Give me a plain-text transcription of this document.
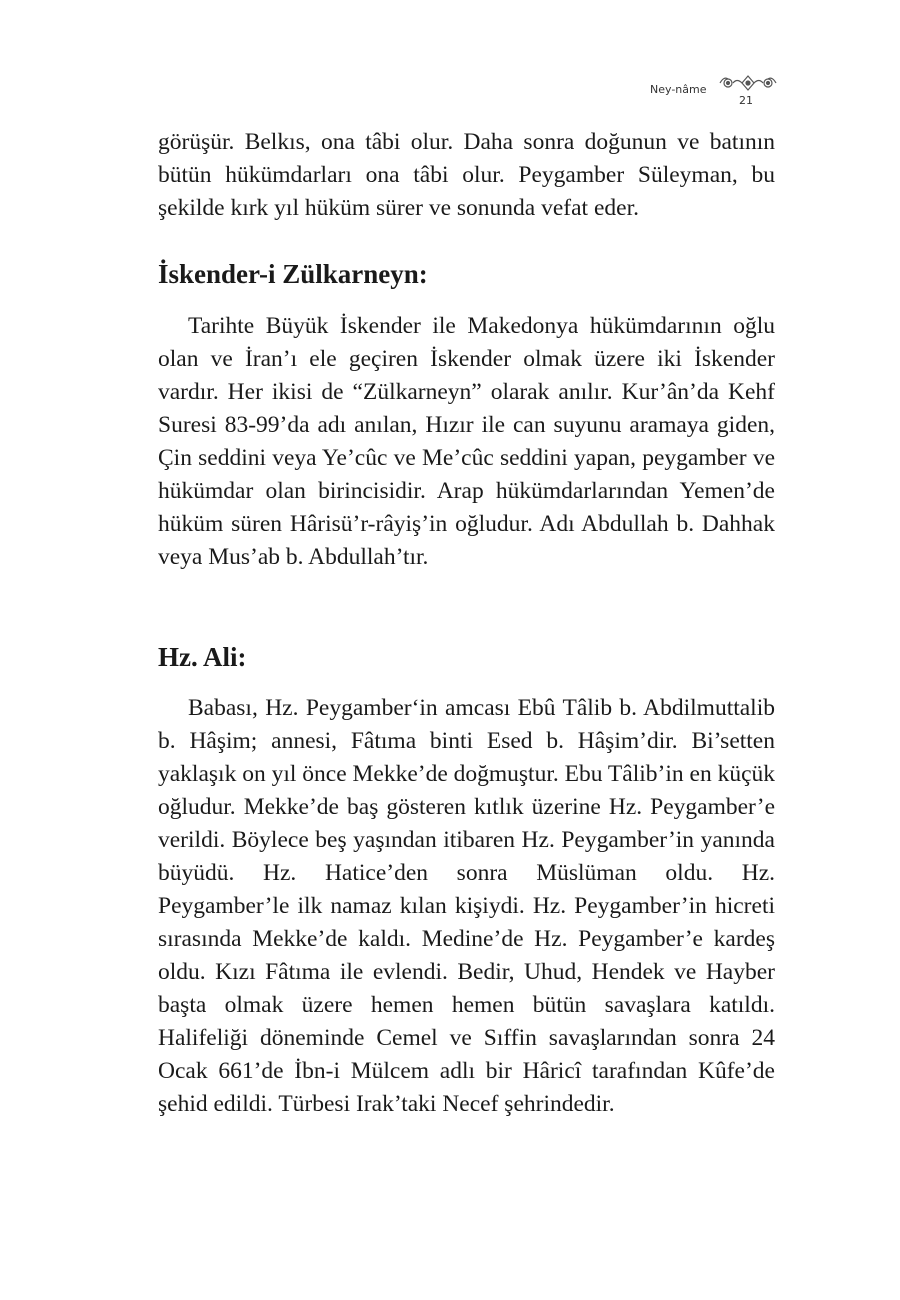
Ney-nâme
21

görüşür. Belkıs, ona tâbi olur. Daha sonra doğunun ve batının bütün hükümdarları ona tâbi olur. Peygamber Süleyman, bu şekilde kırk yıl hüküm sürer ve sonunda vefat eder.

İskender-i Zülkarneyn:

Tarihte Büyük İskender ile Makedonya hükümdarının oğlu olan ve İran’ı ele geçiren İskender olmak üzere iki İskender vardır. Her ikisi de “Zülkarneyn” olarak anılır. Kur’ân’da Kehf Suresi 83-99’da adı anılan, Hızır ile can suyunu aramaya giden, Çin seddini veya Ye’cûc ve Me’cûc seddini yapan, peygamber ve hükümdar olan birincisidir. Arap hükümdarlarından Yemen’de hüküm süren Hârisü’r-râyiş’in oğludur. Adı Abdullah b. Dahhak veya Mus’ab b. Abdullah’tır.

Hz. Ali:

Babası, Hz. Peygamber‘in amcası Ebû Tâlib b. Abdilmuttalib b. Hâşim; annesi, Fâtıma binti Esed b. Hâşim’dir. Bi’setten yaklaşık on yıl önce Mekke’de doğmuştur. Ebu Tâlib’in en küçük oğludur. Mekke’de baş gösteren kıtlık üzerine Hz. Peygamber’e verildi. Böylece beş yaşından itibaren Hz. Peygamber’in yanında büyüdü. Hz. Hatice’den sonra Müslüman oldu. Hz. Peygamber’le ilk namaz kılan kişiydi. Hz. Peygamber’in hicreti sırasında Mekke’de kaldı. Medine’de Hz. Peygamber’e kardeş oldu. Kızı Fâtıma ile evlendi. Bedir, Uhud, Hendek ve Hayber başta olmak üzere hemen hemen bütün savaşlara katıldı. Halifeliği döneminde Cemel ve Sıffin savaşlarından sonra 24 Ocak 661’de İbn-i Mülcem adlı bir Hâricî tarafından Kûfe’de şehid edildi. Türbesi Irak’taki Necef şehrindedir.
